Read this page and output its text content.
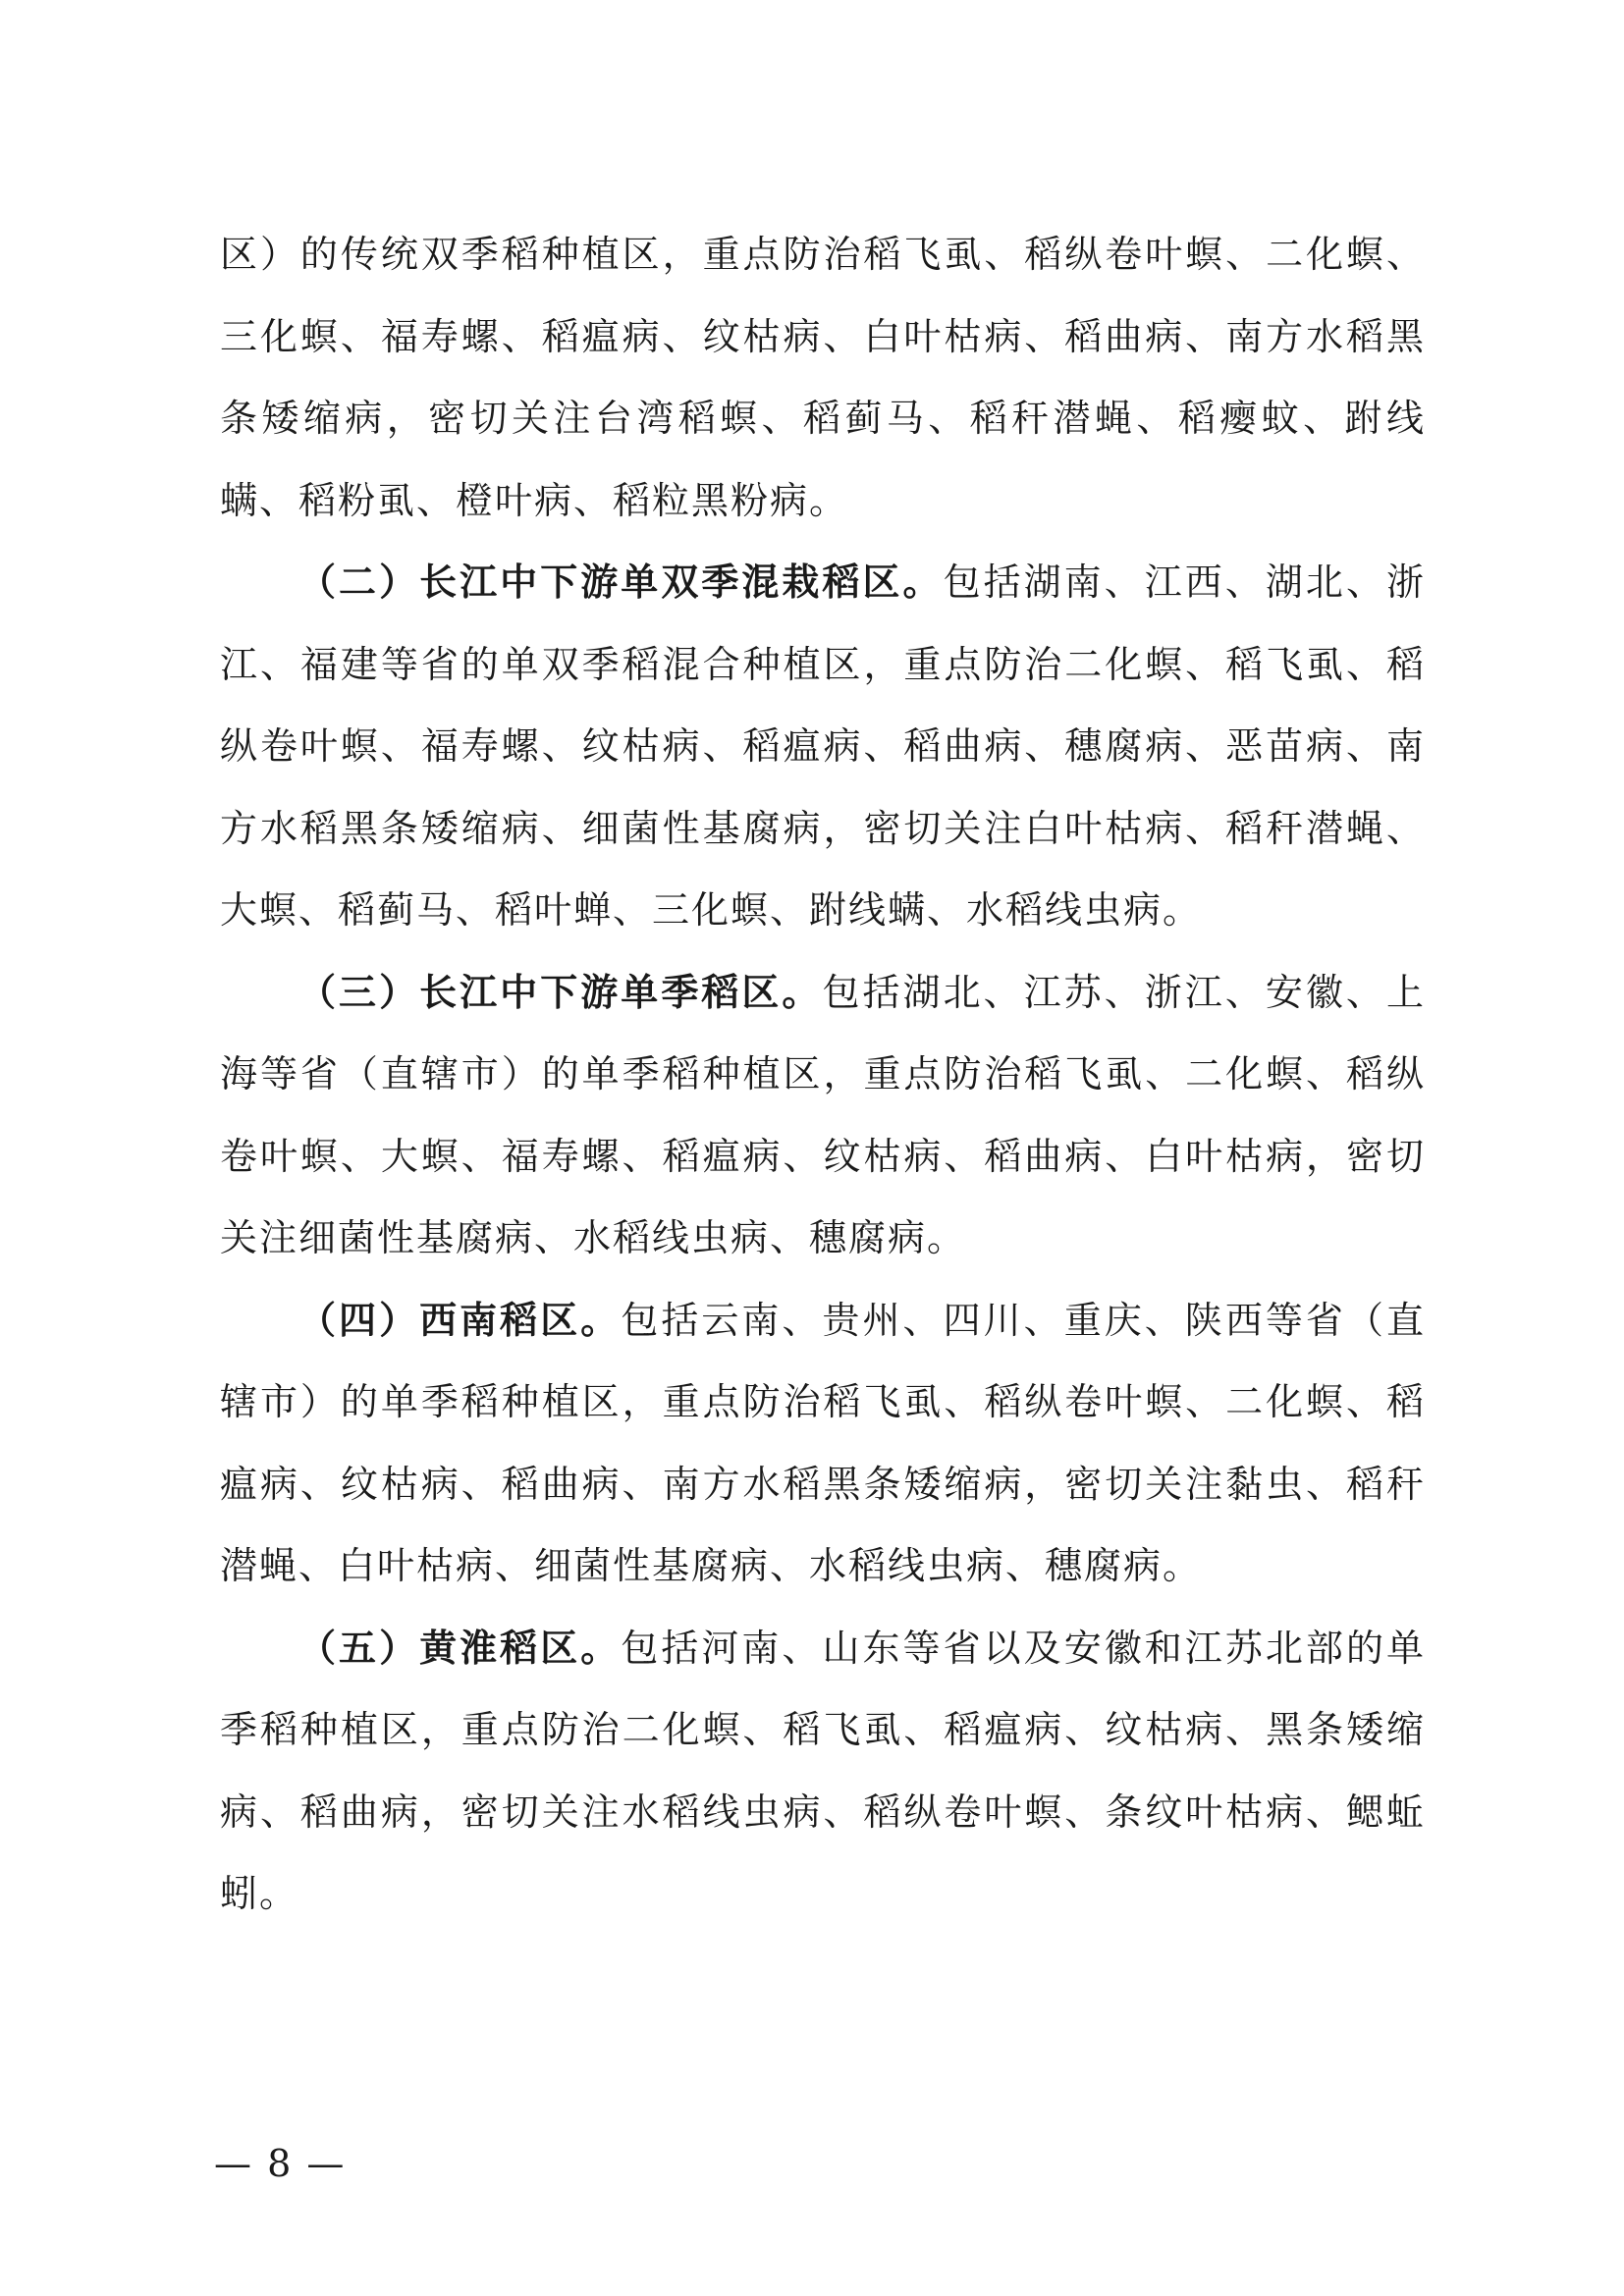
区）的传统双季稻种植区，重点防治稻飞虱、稻纵卷叶螟、二化螟、三化螟、福寿螺、稻瘟病、纹枯病、白叶枯病、稻曲病、南方水稻黑条矮缩病，密切关注台湾稻螟、稻蓟马、稻秆潜蝇、稻瘿蚊、跗线螨、稻粉虱、橙叶病、稻粒黑粉病。

（二）长江中下游单双季混栽稻区。包括湖南、江西、湖北、浙江、福建等省的单双季稻混合种植区，重点防治二化螟、稻飞虱、稻纵卷叶螟、福寿螺、纹枯病、稻瘟病、稻曲病、穗腐病、恶苗病、南方水稻黑条矮缩病、细菌性基腐病，密切关注白叶枯病、稻秆潜蝇、大螟、稻蓟马、稻叶蝉、三化螟、跗线螨、水稻线虫病。

（三）长江中下游单季稻区。包括湖北、江苏、浙江、安徽、上海等省（直辖市）的单季稻种植区，重点防治稻飞虱、二化螟、稻纵卷叶螟、大螟、福寿螺、稻瘟病、纹枯病、稻曲病、白叶枯病，密切关注细菌性基腐病、水稻线虫病、穗腐病。

（四）西南稻区。包括云南、贵州、四川、重庆、陕西等省（直辖市）的单季稻种植区，重点防治稻飞虱、稻纵卷叶螟、二化螟、稻瘟病、纹枯病、稻曲病、南方水稻黑条矮缩病，密切关注黏虫、稻秆潜蝇、白叶枯病、细菌性基腐病、水稻线虫病、穗腐病。

（五）黄淮稻区。包括河南、山东等省以及安徽和江苏北部的单季稻种植区，重点防治二化螟、稻飞虱、稻瘟病、纹枯病、黑条矮缩病、稻曲病，密切关注水稻线虫病、稻纵卷叶螟、条纹叶枯病、鳃蚯蚓。

— 8 —
